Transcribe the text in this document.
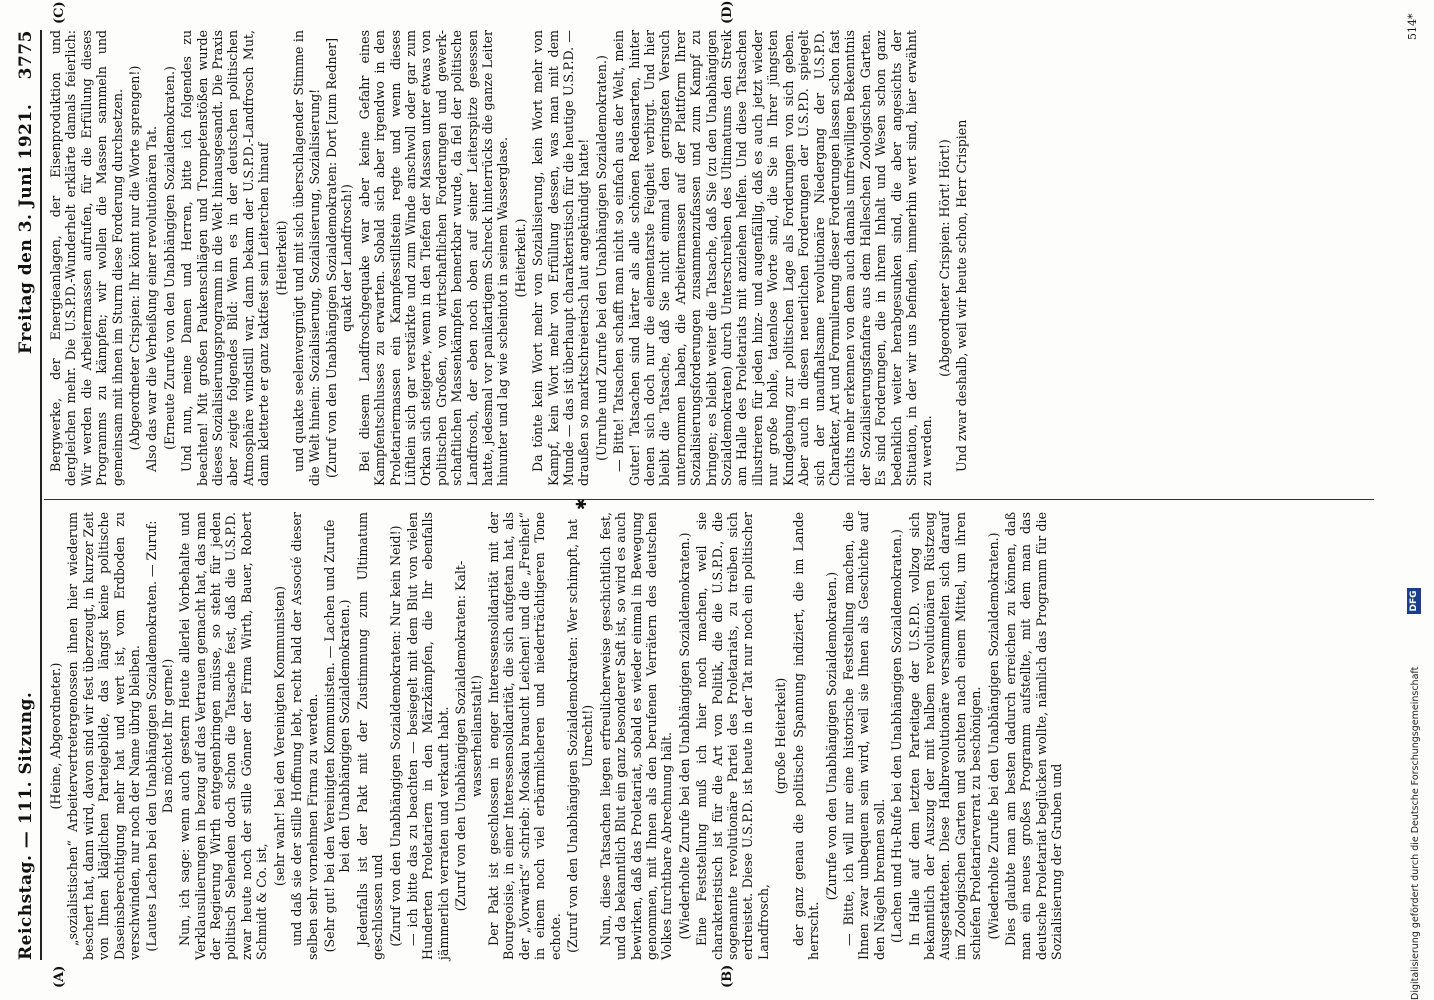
Reichstag. — 111. Sitzung.
Freitag den 3. Juni 1921. 3775
(A)	(B)
(C)	(D)

(Heine, Abgeordneter.) „sozialistischen“ Arbeitervertretergenossen ihnen hier wiederum beschert hat, dann wird, davon sind wir fest überzeugt, in kurzer Zeit von Ihnen kläglichen Parteigebilde, das längst keine politische Daseinsberechtigung mehr hat und wert ist, vom Erdboden zu verschwinden, nur noch der Name übrig bleiben. (Lautes Lachen bei den Unabhängigen Sozialdemokraten. — Zuruf: Das möchtet Ihr gerne!) Nun, ich sage: wenn auch gestern Heute allerlei Vorbehalte und Verklausulierungen in bezug auf das Vertrauen gemacht hat, das man der Regierung Wirth entgegenbringen müsse, so steht für jeden politisch Sehenden doch schon die Tatsache fest, daß die U.S.P.D. zwar heute noch der stille Gönner der Firma Wirth, Bauer, Robert Schmidt & Co. ist,

(sehr wahr! bei den Vereinigten Kommunisten) und daß sie der stille Hoffnung lebt, recht bald der Associé dieser selben sehr vornehmen Firma zu werden. (Sehr gut! bei den Vereinigten Kommunisten. — Lachen und Zurufe bei den Unabhängigen Sozialdemokraten.) Jedenfalls ist der Pakt mit der Zustimmung zum Ultimatum geschlossen und (Zuruf von den Unabhängigen Sozialdemokraten: Nur kein Neid!) — ich bitte das zu beachten — besiegelt mit dem Blut von vielen Hunderten Proletariern in den Märzkämpfen, die Ihr ebenfalls jämmerlich verraten und verkauft habt. (Zuruf von den Unabhängigen Sozialdemokraten: Kaltwasserheilanstalt!) Der Pakt ist geschlossen in enger Interessensolidarität mit der Bourgeoisie, in einer Interessensolidarität, die sich aufgetan hat, als der „Vorwärts“ schrieb: Moskau braucht Leichen! und die „Freiheit“ in einem noch viel erbärmlicheren und niederträchtigeren Tone echote. (Zuruf von den Unabhängigen Sozialdemokraten: Wer schimpft, hat Unrecht!) Nun, diese Tatsachen liegen erfreulicherweise geschichtlich fest, und da bekanntlich Blut ein ganz besonderer Saft ist, so wird es auch bewirken, daß das Proletariat, sobald es wieder einmal in Bewegung genommen, mit Ihnen als den berufenen Verrätern des deutschen Volkes furchtbare Abrechnung hält. (Wiederholte Zurufe bei den Unabhängigen Sozialdemokraten.) Eine Feststellung muß ich hier noch machen, weil sie charakteristisch ist für die Art von Politik, die die U.S.P.D., die sogenannte revolutionäre Partei des Proletariats, zu treiben sich erdreistet. Diese U.S.P.D. ist heute in der Tat nur noch ein politischer Landfrosch,

(große Heiterkeit) der ganz genau die politische Spannung indiziert, die im Lande herrscht.

(Zurufe von den Unabhängigen Sozialdemokraten.) — Bitte, ich will nur eine historische Feststellung machen, die Ihnen zwar unbequem sein wird, weil sie Ihnen als Geschichte auf den Nägeln brennen soll. (Lachen und Hu-Rufe bei den Unabhängigen Sozialdemokraten.) In Halle auf dem letzten Parteitage der U.S.P.D. vollzog sich bekanntlich der Auszug der mit halbem revolutionären Rüstzeug Ausgestatteten. Diese Halbrevolutionäre versammelten sich darauf im Zoologischen Garten und suchten nach einem Mittel, um ihren schiefen Proletarierverrat zu beschönigen. (Wiederholte Zurufe bei den Unabhängigen Sozialdemokraten.) Dies glaubte man am besten dadurch erreichen zu können, daß man ein neues großes Programm aufstellte, mit dem man das deutsche Proletariat beglücken wollte, nämlich das Programm für die Sozialisierung der Gruben und

✱

Bergwerke, der Energieanlagen, der Eisenproduktion und dergleichen mehr. Die U.S.P.D.-Wunderhelt erklärte damals feierlich: Wir werden die Arbeitermassen aufrufen, für die Erfüllung dieses Programms zu kämpfen; wir wollen die Massen sammeln und gemeinsam mit ihnen im Sturm diese Forderung durchsetzen. (Abgeordneter Crispien: Ihr könnt nur die Worte sprengen!) Also das war die Verheißung einer revolutionären Tat. (Erneute Zurufe von den Unabhängigen Sozialdemokraten.) Und nun, meine Damen und Herren, bitte ich folgendes zu beachten! Mit großen Paukenschlägen und Trompetenstößen wurde dieses Sozialisierungsprogramm in die Welt hinausgesandt. Die Praxis aber zeigte folgendes Bild: Wenn es in der deutschen politischen Atmosphäre windstill war, dann bekam der U.S.P.D.-Landfrosch Mut, dann kletterte er ganz taktfest sein Leiterchen hinauf (Heiterkeit) und quakte seelenvergnügt und mit sich überschlagender Stimme in die Welt hinein: Sozialisierung, Sozialisierung, Sozialisierung! (Zuruf von den Unabhängigen Sozialdemokraten: Dort [zum Redner] quakt der Landfrosch!) Bei diesem Landfroschgequake war aber keine Gefahr eines Kampfentschlusses zu erwarten. Sobald sich aber irgendwo in den Proletariermassen ein Kampfesstillstein regte und wenn dieses Lüftlein sich gar verstärkte und zum Winde anschwoll oder gar zum Orkan sich steigerte, wenn in den Tiefen der Massen unter etwas von politischen Großen, von wirtschaftlichen Forderungen und gewerkschaftlichen Massenkämpfen bemerkbar wurde, da fiel der politische Landfrosch, der eben noch oben auf seiner Leiterspitze gesessen hatte, jedesmal vor panikartigem Schreck hinterrücks die ganze Leiter hinunter und lag wie scheintot in seinem Wasserglase. (Heiterkeit.) Da tönte kein Wort mehr von Sozialisierung, kein Wort mehr von Kampf, kein Wort mehr von Erfüllung dessen, was man mit dem Munde — das ist überhaupt charakteristisch für die heutige U.S.P.D. — draußen so marktschreierisch laut angekündigt hatte! (Unruhe und Zurufe bei den Unabhängigen Sozialdemokraten.) — Bitte! Tatsachen schafft man nicht so einfach aus der Welt, mein Guter! Tatsachen sind härter als alle schönen Redensarten, hinter denen sich doch nur die elementarste Feigheit verbirgt. Und hier bleibt die Tatsache, daß Sie nicht einmal den geringsten Versuch unternommen haben, die Arbeitermassen auf der Plattform Ihrer Sozialisierungsforderungen zusammenzufassen und zum Kampf zu bringen; es bleibt weiter die Tatsache, daß Sie (zu den Unabhängigen Sozialdemokraten) durch Unterschreiben des Ultimatums den Streik am Halle des Proletariats mit anziehen helfen. Und diese Tatsachen illustrieren für jeden hinz- und augenfällig, daß es auch jetzt wieder nur große hohle, tatenlose Worte sind, die Sie in Ihrer jüngsten Kundgebung zur politischen Lage als Forderungen von sich geben. Aber auch in diesen neuerlichen Forderungen der U.S.P.D. spiegelt sich der unaufhaltsame revolutionäre Niedergang der U.S.P.D. Charakter, Art und Formulierung dieser Forderungen lassen schon fast nichts mehr erkennen von dem auch damals unfreiwilligen Bekenntnis der Sozialisierungsfanfare aus dem Halleschen Zoologischen Garten. Es sind Forderungen, die in ihrem Inhalt und Wesen schon ganz bedenklich weiter herabgesunken sind, die aber angesichts der Situation, in der wir uns befinden, immerhin wert sind, hier erwähnt zu werden.

(Abgeordneter Crispien: Hört! Hört!) Und zwar deshalb, weil wir heute schon, Herr Crispien

514*
Digitalisierung gefördert durch die Deutsche Forschungsgemeinschaft
DFG
